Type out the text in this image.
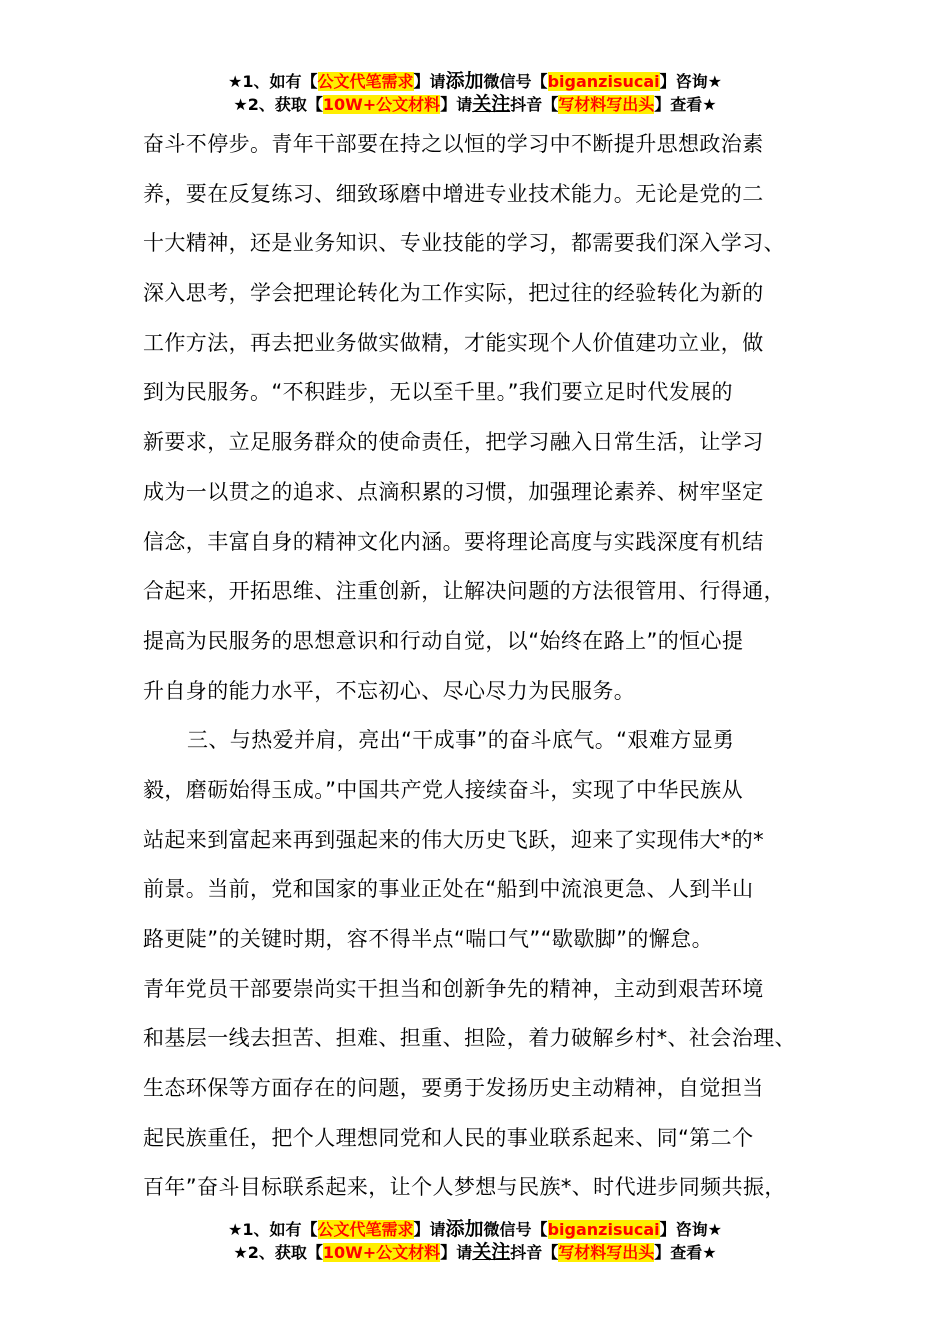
★1、如有【公文代笔需求】请添加微信号【biganzisucai】咨询★
★2、获取【10W+公文材料】请关注抖音【写材料写出头】查看★
奋斗不停步。青年干部要在持之以恒的学习中不断提升思想政治素
养，要在反复练习、细致琢磨中增进专业技术能力。无论是党的二
十大精神，还是业务知识、专业技能的学习，都需要我们深入学习、
深入思考，学会把理论转化为工作实际，把过往的经验转化为新的
工作方法，再去把业务做实做精，才能实现个人价值建功立业，做
到为民服务。“不积跬步，无以至千里。”我们要立足时代发展的
新要求，立足服务群众的使命责任，把学习融入日常生活，让学习
成为一以贯之的追求、点滴积累的习惯，加强理论素养、树牢坚定
信念，丰富自身的精神文化内涵。要将理论高度与实践深度有机结
合起来，开拓思维、注重创新，让解决问题的方法很管用、行得通，
提高为民服务的思想意识和行动自觉，以“始终在路上”的恒心提
升自身的能力水平，不忘初心、尽心尽力为民服务。
三、与热爱并肩，亮出“干成事”的奋斗底气。“艰难方显勇
毅，磨砺始得玉成。”中国共产党人接续奋斗，实现了中华民族从
站起来到富起来再到强起来的伟大历史飞跃，迎来了实现伟大*的*
前景。当前，党和国家的事业正处在“船到中流浪更急、人到半山
路更陡”的关键时期，容不得半点“喘口气”“歇歇脚”的懈怠。
青年党员干部要崇尚实干担当和创新争先的精神，主动到艰苦环境
和基层一线去担苦、担难、担重、担险，着力破解乡村*、社会治理、
生态环保等方面存在的问题，要勇于发扬历史主动精神，自觉担当
起民族重任，把个人理想同党和人民的事业联系起来、同“第二个
百年”奋斗目标联系起来，让个人梦想与民族*、时代进步同频共振，
★1、如有【公文代笔需求】请添加微信号【biganzisucai】咨询★
★2、获取【10W+公文材料】请关注抖音【写材料写出头】查看★
